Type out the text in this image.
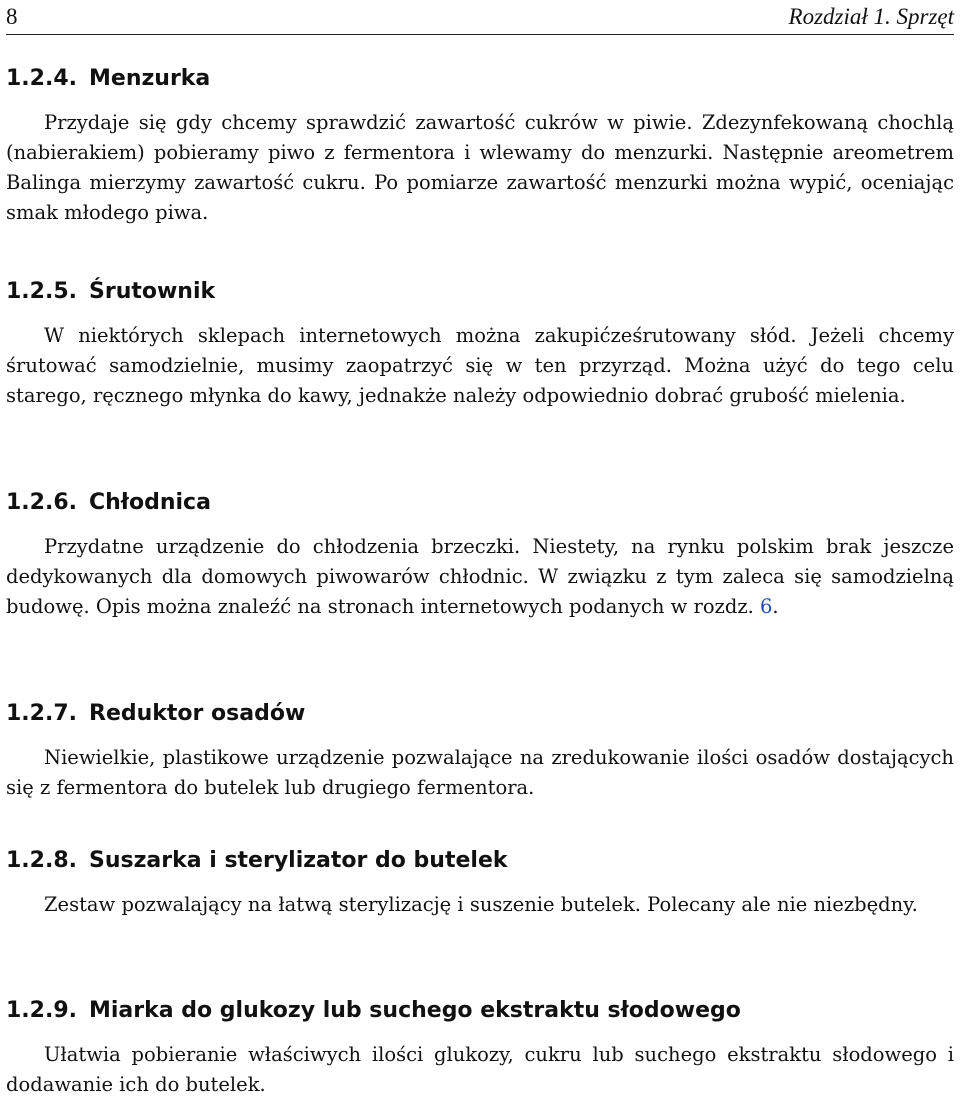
8	Rozdział 1. Sprzęt
1.2.4. Menzurka

Przydaje się gdy chcemy sprawdzić zawartość cukrów w piwie. Zdezynfekowaną chochlą (nabierakiem) pobieramy piwo z fermentora i wlewamy do menzurki. Następnie areometrem Balinga mierzymy zawartość cukru. Po pomiarze zawartość menzurki można wypić, oceniając smak młodego piwa.

1.2.5. Śrutownik

W niektórych sklepach internetowych można zakupićześrutowany słód. Jeżeli chcemy śrutować samodzielnie, musimy zaopatrzyć się w ten przyrząd. Można użyć do tego celu starego, ręcznego młynka do kawy, jednakże należy odpowiednio dobrać grubość mielenia.

1.2.6. Chłodnica

Przydatne urządzenie do chłodzenia brzeczki. Niestety, na rynku polskim brak jeszcze dedykowanych dla domowych piwowarów chłodnic. W związku z tym zaleca się samodzielną budowę. Opis można znaleźć na stronach internetowych podanych w rozdz. 6.

1.2.7. Reduktor osadów

Niewielkie, plastikowe urządzenie pozwalające na zredukowanie ilości osadów dostających się z fermentora do butelek lub drugiego fermentora.

1.2.8. Suszarka i sterylizator do butelek

Zestaw pozwalający na łatwą sterylizację i suszenie butelek. Polecany ale nie niezbędny.

1.2.9. Miarka do glukozy lub suchego ekstraktu słodowego

Ułatwia pobieranie właściwych ilości glukozy, cukru lub suchego ekstraktu słodowego i dodawanie ich do butelek.
